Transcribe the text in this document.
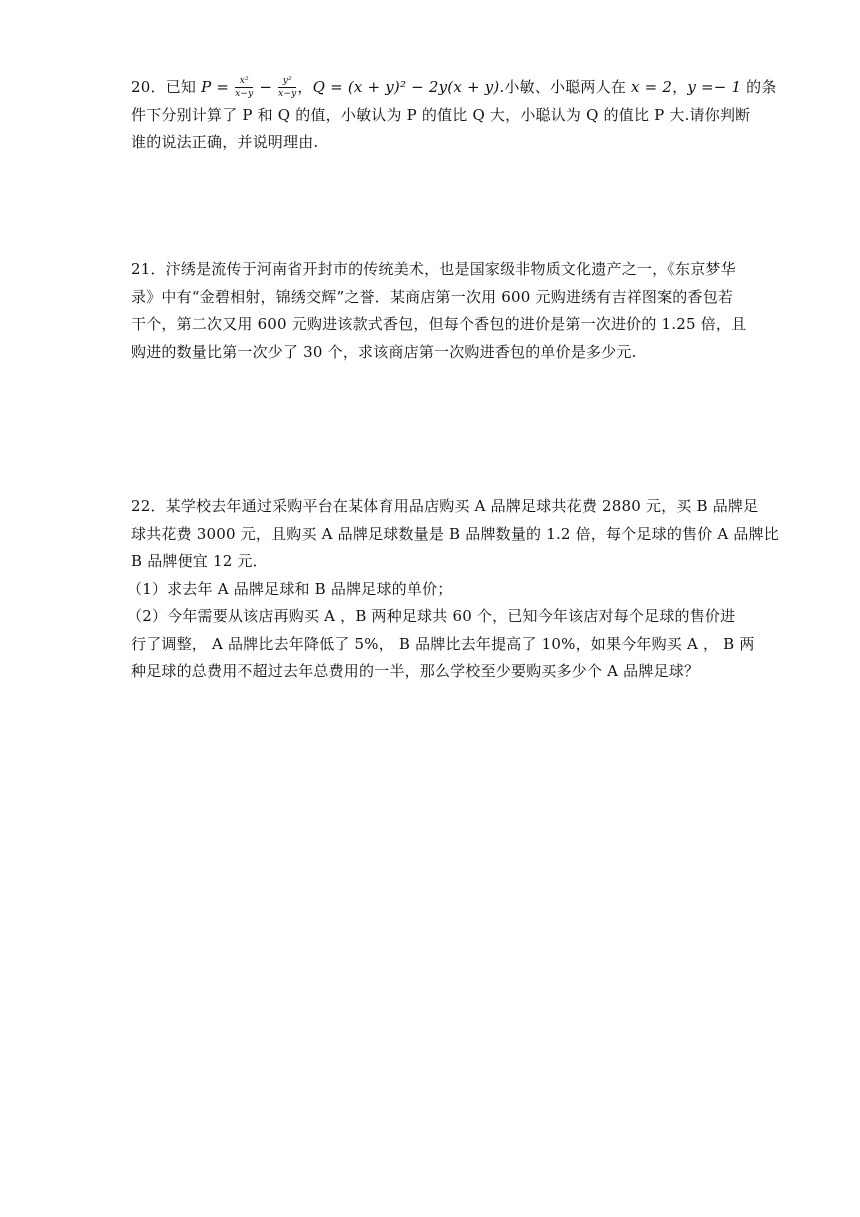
20．已知 $P = \frac{\text{x²}}{x-y} - \frac{\text{y²}}{x-y}$ ，Q = (x + y)² − 2y(x + y).小敏、小聪两人在 x = 2，y =− 1 的条
件下分别计算了 P 和 Q 的值，小敏认为 P 的值比 Q 大，小聪认为 Q 的值比 P 大.请你判断
谁的说法正确，并说明理由.
21．汴绣是流传于河南省开封市的传统美术，也是国家级非物质文化遗产之一，《东京梦华
录》中有“金碧相射，锦绣交辉”之誉．某商店第一次用 600 元购进绣有吉祥图案的香包若
干个，第二次又用 600 元购进该款式香包，但每个香包的进价是第一次进价的 1.25 倍，且
购进的数量比第一次少了 30 个，求该商店第一次购进香包的单价是多少元.
22．某学校去年通过采购平台在某体育用品店购买 A 品牌足球共花费 2880 元，买 B 品牌足
球共花费 3000 元，且购买 A 品牌足球数量是 B 品牌数量的 1.2 倍，每个足球的售价 A 品牌比
B 品牌便宜 12 元．
（1）求去年 A 品牌足球和 B 品牌足球的单价；
（2）今年需要从该店再购买 A ，B 两种足球共 60 个，已知今年该店对每个足球的售价进
行了调整， A 品牌比去年降低了 5%， B 品牌比去年提高了 10%，如果今年购买 A ， B 两
种足球的总费用不超过去年总费用的一半，那么学校至少要购买多少个 A 品牌足球？
